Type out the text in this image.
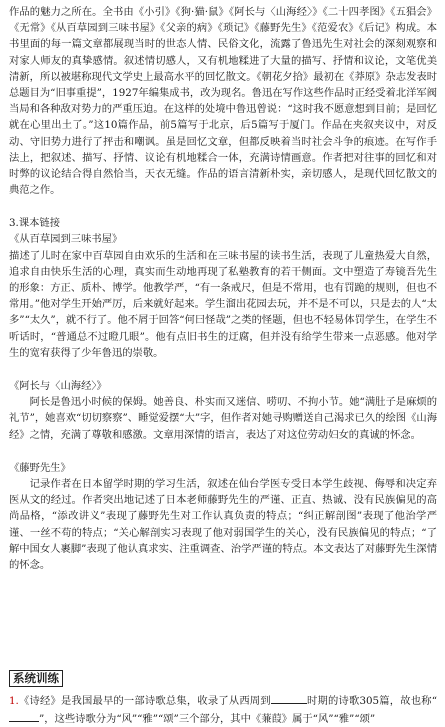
作品的魅力之所在。全书由《小引》《狗·猫·鼠》《阿长与〈山海经〉》《二十四孝图》《五猖会》《无常》《从百草园到三味书屋》《父亲的病》《琐记》《藤野先生》《范爱农》《后记》构成。本书里面的每一篇文章都展现当时的世态人情、民俗文化，流露了鲁迅先生对社会的深刻观察和对家人师友的真挚感情。叙述情切感人，又有机地糅进了大量的描写、抒情和议论，文笔优美清新，所以被堪称现代文学史上最高水平的回忆散文。《朝花夕拾》最初在《莽原》杂志发表时总题目为“旧事重提”，1927年编集成书，改为现名。鲁迅在写作这些作品时正经受着北洋军阀当局和各种敌对势力的严重压迫。在这样的处境中鲁迅曾说：“这时我不愿意想到目前；是回忆就在心里出土了。”这10篇作品，前5篇写于北京，后5篇写于厦门。作品在夹叙夹议中，对反动、守旧势力进行了抨击和嘲讽。虽是回忆文章，但都反映着当时社会斗争的痕迹。在写作手法上，把叙述、描写、抒情、议论有机地糅合一体，充满诗情画意。作者把对往事的回忆和对时弊的议论结合得自然恰当，天衣无缝。作品的语言清新朴实，亲切感人，是现代回忆散文的典范之作。

3.课本链接

《从百草园到三味书屋》

描述了儿时在家中百草园自由欢乐的生活和在三味书屋的读书生活，表现了儿童热爱大自然，追求自由快乐生活的心理，真实而生动地再现了私塾教育的若干侧面。文中塑造了寿镜吾先生的形象：方正、质朴、博学。他教学严，“有一条戒尺，但是不常用，也有罚跪的规则，但也不常用。”他对学生开始严厉，后来就好起来。学生溜出花园去玩，并不是不可以，只是去的人“太多”“太久”，就不行了。他不屑于回答“何曰怪哉”之类的怪题，但也不轻易体罚学生，在学生不听话时，“普通总不过瞪几眼”。他有点旧书生的迂腐，但并没有给学生带来一点恶感。他对学生的宽宥获得了少年鲁迅的崇敬。

《阿长与〈山海经〉》

阿长是鲁迅小时候的保姆。她善良、朴实而又迷信、唠叨、不拘小节。她“满肚子是麻烦的礼节”，她喜欢“切切察察”、睡觉爱摆“大”字，但作者对她寻购赠送自己渴求已久的绘图《山海经》之情，充满了尊敬和感激。文章用深情的语言，表达了对这位劳动妇女的真诚的怀念。

《藤野先生》

记录作者在日本留学时期的学习生活，叙述在仙台学医专受日本学生歧视、侮辱和决定弃医从文的经过。作者突出地记述了日本老师藤野先生的严谨、正直、热诚、没有民族偏见的高尚品格，“添改讲义”表现了藤野先生对工作认真负责的特点；“纠正解剖图”表现了他治学严谨、一丝不苟的特点；“关心解剖实习表现了他对弱国学生的关心，没有民族偏见的特点；“了解中国女人裹脚”表现了他认真求实、注重调查、治学严谨的特点。本文表达了对藤野先生深情的怀念。

系统训练

1.《诗经》是我国最早的一部诗歌总集，收录了从西周到	时期的诗歌305篇，故也称“”，这些诗歌分为“风”“雅”“颂”三个部分，其中《蒹葭》属于“风”“雅”“颂”
